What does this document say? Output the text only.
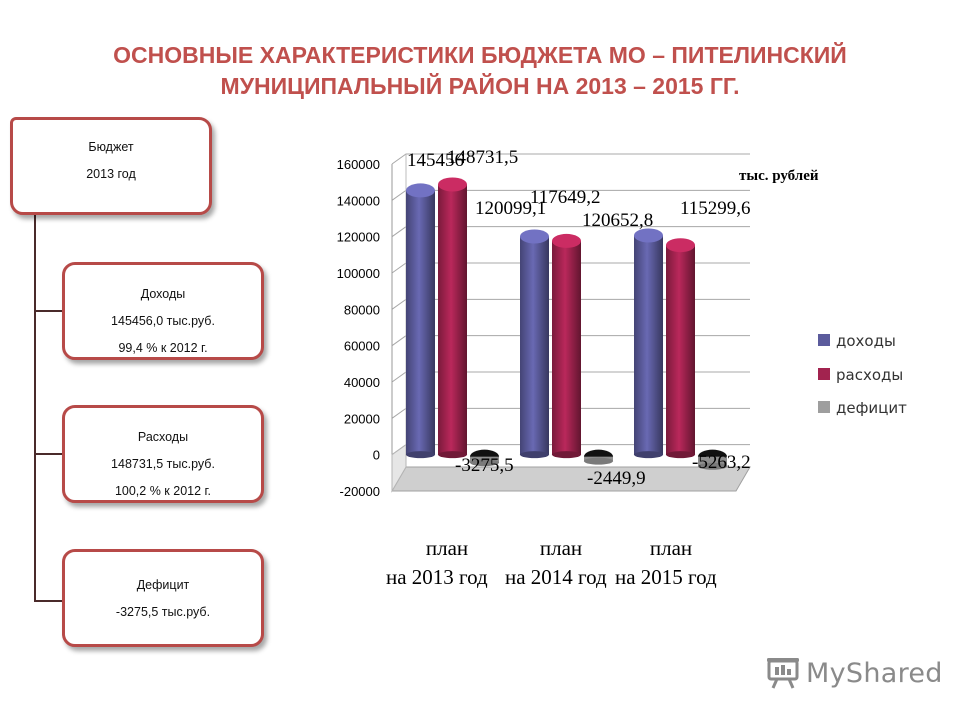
ОСНОВНЫЕ ХАРАКТЕРИСТИКИ БЮДЖЕТА МО – ПИТЕЛИНСКИЙ
МУНИЦИПАЛЬНЫЙ РАЙОН НА 2013 – 2015 ГГ.
Бюджет
2013 год
Доходы
145456,0 тыс.руб.
99,4 % к 2012 г.
Расходы
148731,5 тыс.руб.
100,2 % к 2012 г.
Дефицит
-3275,5 тыс.руб.
160000
140000
120000
100000
80000
60000
40000
20000
0
-20000
145456
120099,1
120652,8
148731,5
117649,2
115299,6
-3275,5
-2449,9
-5263,2
тыс. рублей
план	план	план
на 2013 год на 2014 год на 2015 год
доходы
расходы
дефицит
MyShared
